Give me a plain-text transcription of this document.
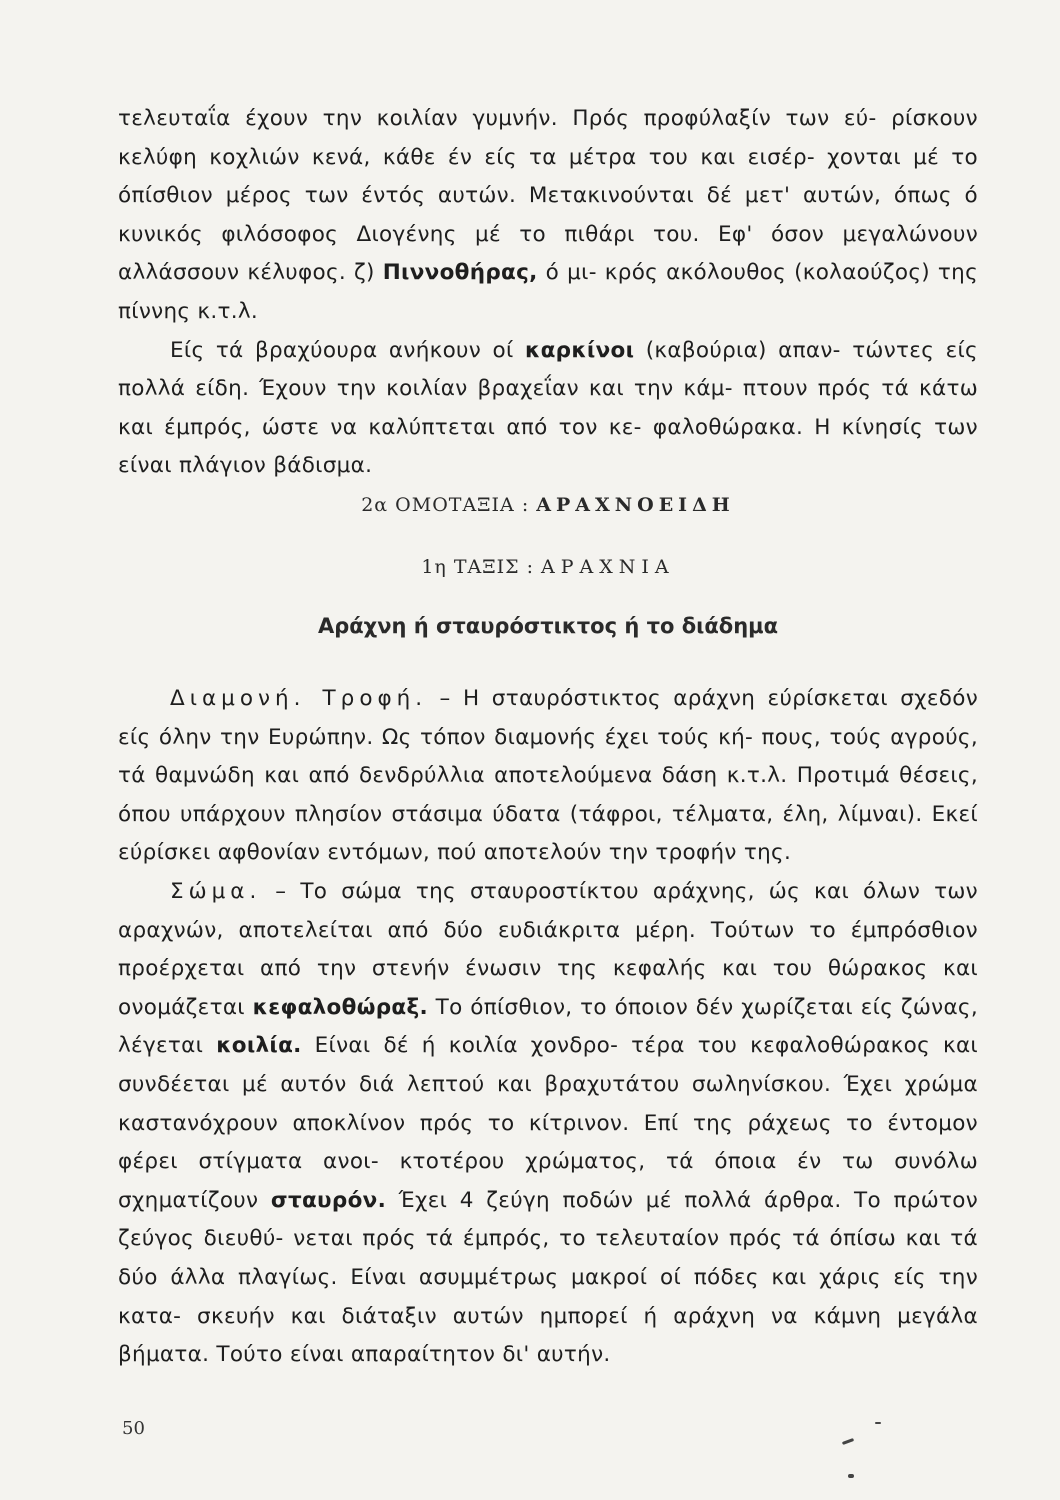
τελευταΐα έχουν την κοιλίαν γυμνήν. Πρός προφύλαξίν των εύ- ρίσκουν κελύφη κοχλιών κενά, κάθε έν είς τα μέτρα του και εισέρ- χονται μέ το όπίσθιον μέρος των έντός αυτών. Μετακινούνται δέ μετ' αυτών, όπως ό κυνικός φιλόσοφος Διογένης μέ το πιθάρι του. Εφ' όσον μεγαλώνουν αλλάσσουν κέλυφος. ζ) Πιννοθήρας, ό μι- κρός ακόλουθος (κολαούζος) της πίννης κ.τ.λ.

Είς τά βραχύουρα ανήκουν οί καρκίνοι (καβούρια) απαν- τώντες είς πολλά είδη. Έχουν την κοιλίαν βραχεΐαν και την κάμ- πτουν πρός τά κάτω και έμπρός, ώστε να καλύπτεται από τον κε- φαλοθώρακα. Η κίνησίς των είναι πλάγιον βάδισμα.

2α ΟΜΟΤΑΞΙΑ : ΑΡΑΧΝΟΕΙΔΗ
1η ΤΑΞΙΣ : ΑΡΑΧΝΙΑ
Αράχνη ή σταυρόστικτος ή το διάδημα

Διαμονή. Τροφή. – Η σταυρόστικτος αράχνη εύρίσκεται σχεδόν είς όλην την Ευρώπην. Ως τόπον διαμονής έχει τούς κή- πους, τούς αγρούς, τά θαμνώδη και από δενδρύλλια αποτελούμενα δάση κ.τ.λ. Προτιμά θέσεις, όπου υπάρχουν πλησίον στάσιμα ύδατα (τάφροι, τέλματα, έλη, λίμναι). Εκεί εύρίσκει αφθονίαν εντόμων, πού αποτελούν την τροφήν της.

Σώμα. – Το σώμα της σταυροστίκτου αράχνης, ώς και όλων των αραχνών, αποτελείται από δύο ευδιάκριτα μέρη. Τούτων το έμπρόσθιον προέρχεται από την στενήν ένωσιν της κεφαλής και του θώρακος και ονομάζεται κεφαλοθώραξ. Το όπίσθιον, το όποιον δέν χωρίζεται είς ζώνας, λέγεται κοιλία. Είναι δέ ή κοιλία χονδρο- τέρα του κεφαλοθώρακος και συνδέεται μέ αυτόν διά λεπτού και βραχυτάτου σωληνίσκου. Έχει χρώμα καστανόχρουν αποκλίνον πρός το κίτρινον. Επί της ράχεως το έντομον φέρει στίγματα ανοι- κτοτέρου χρώματος, τά όποια έν τω συνόλω σχηματίζουν σταυρόν. Έχει 4 ζεύγη ποδών μέ πολλά άρθρα. Το πρώτον ζεύγος διευθύ- νεται πρός τά έμπρός, το τελευταίον πρός τά όπίσω και τά δύο άλλα πλαγίως. Είναι ασυμμέτρως μακροί οί πόδες και χάρις είς την κατα- σκευήν και διάταξιν αυτών ημπορεί ή αράχνη να κάμνη μεγάλα βήματα. Τούτο είναι απαραίτητον δι' αυτήν.

50
